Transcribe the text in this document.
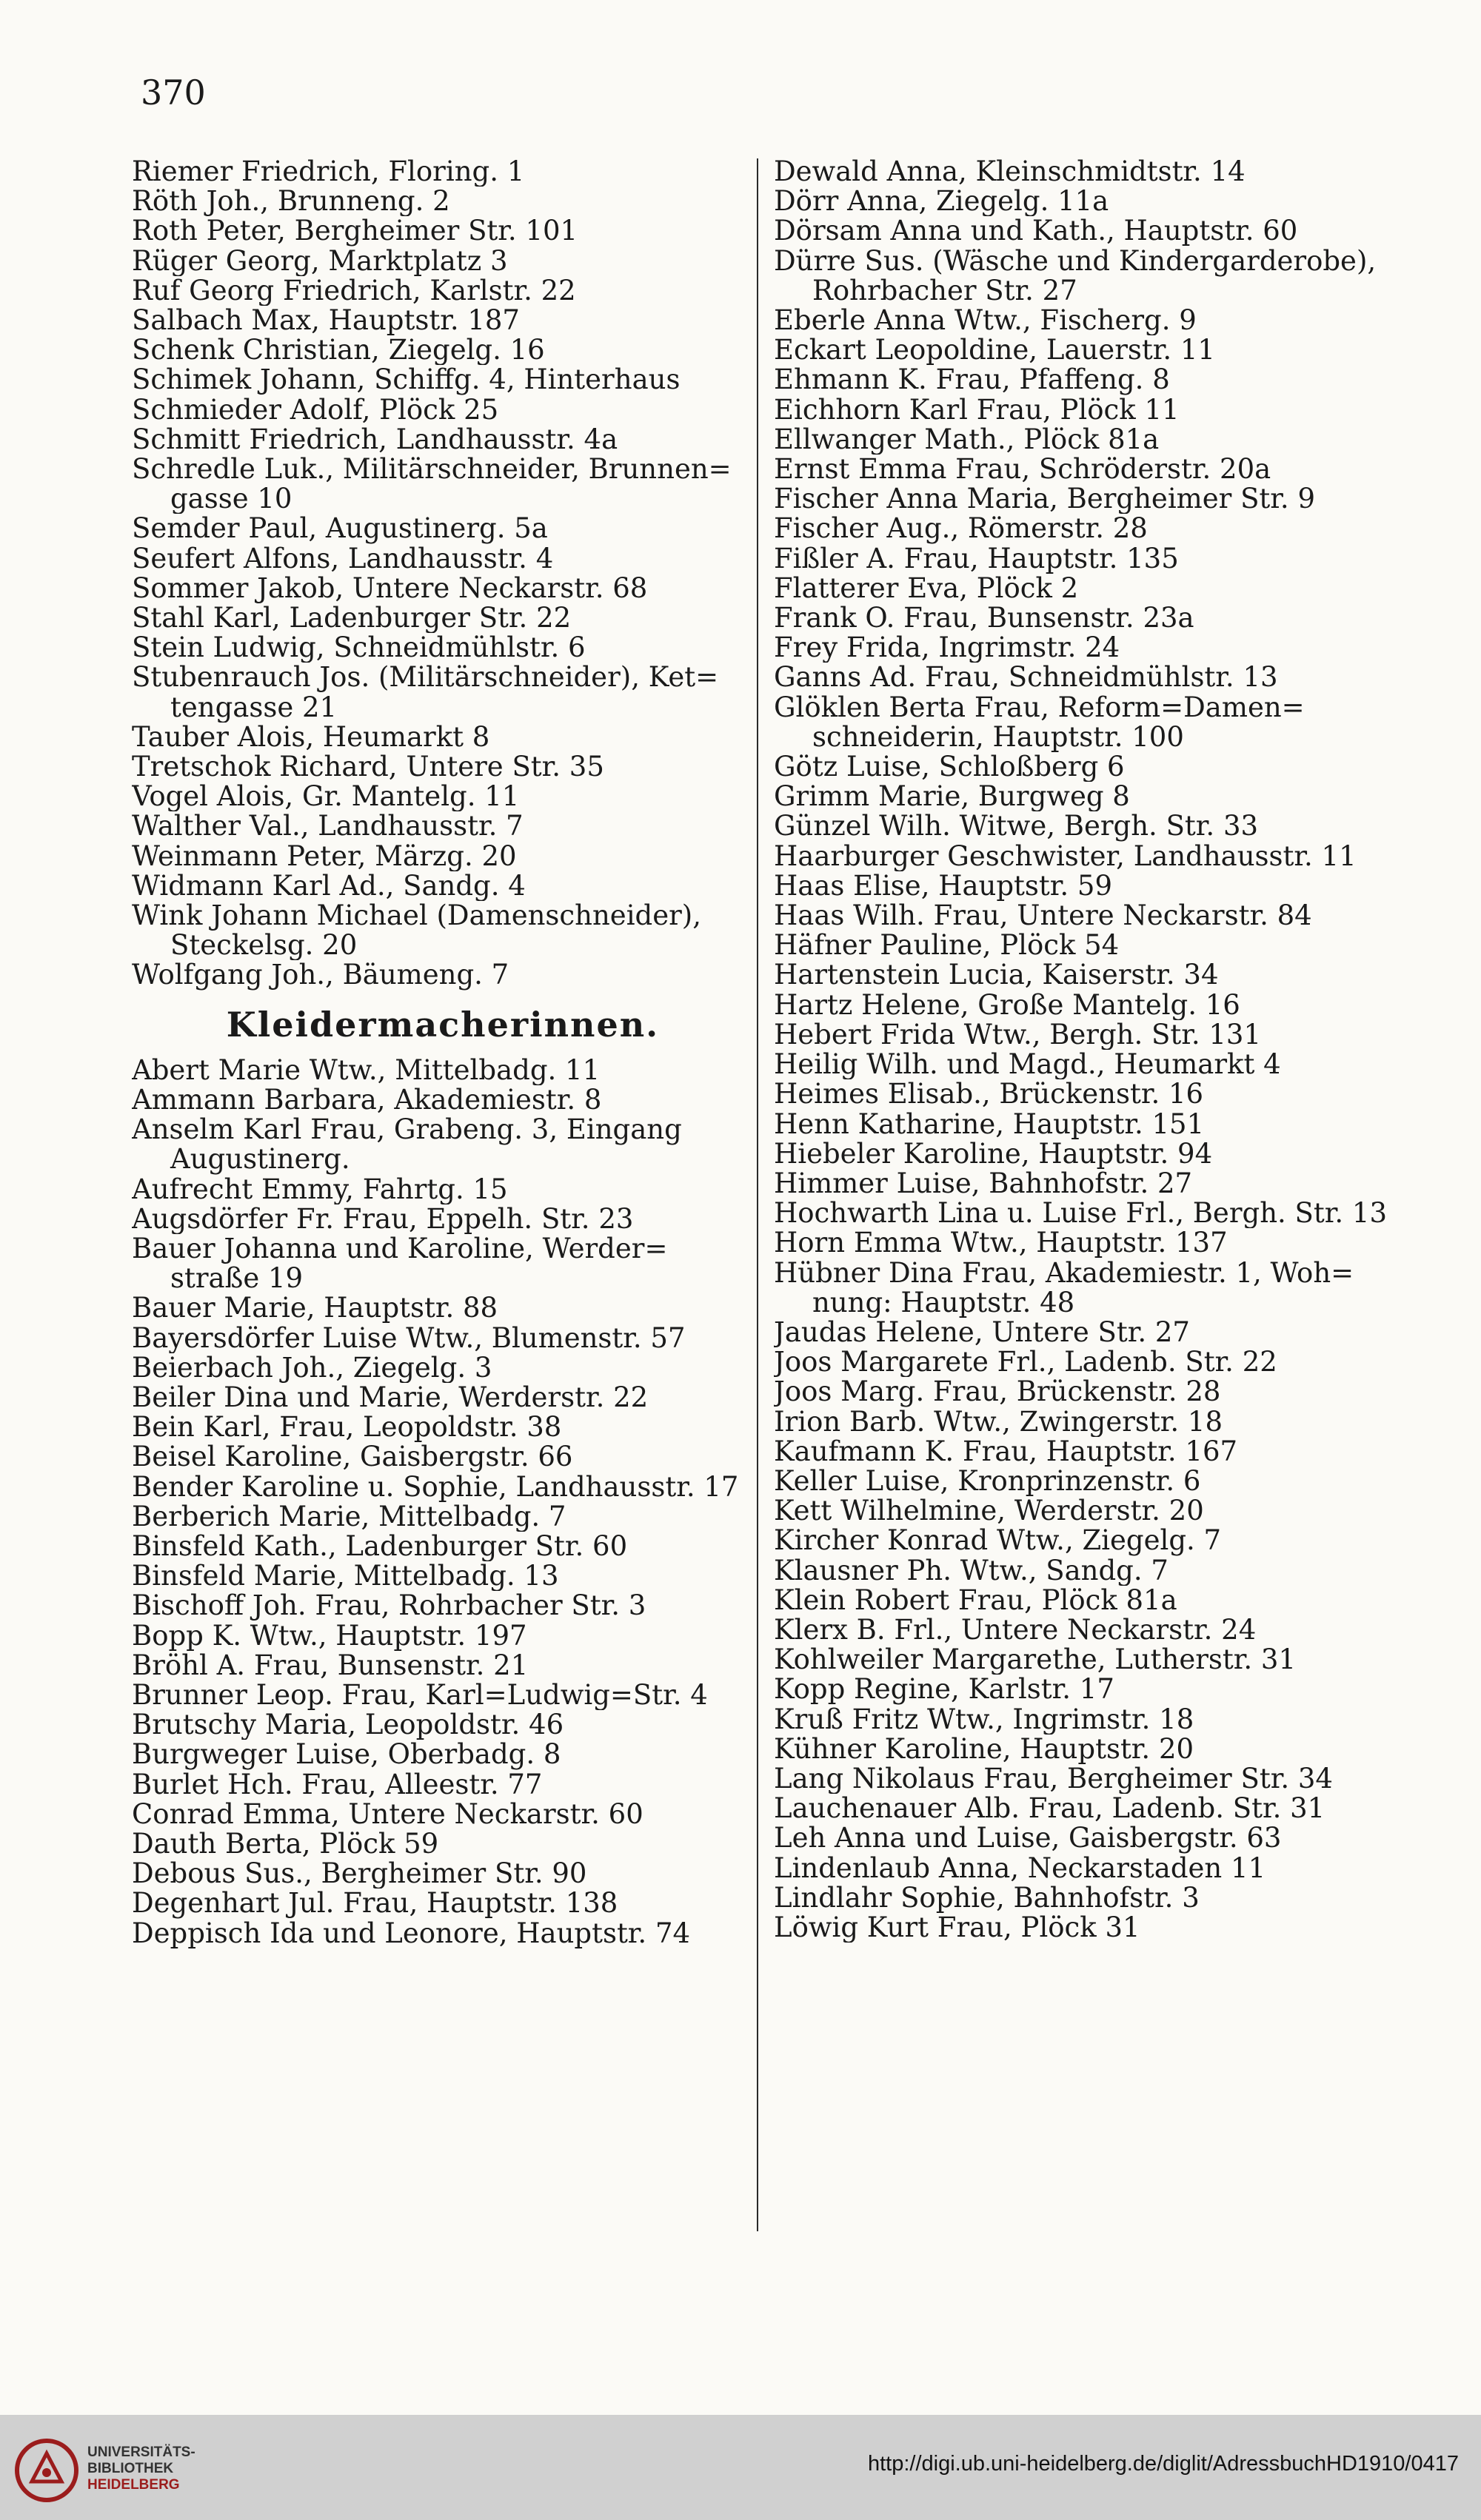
370
Riemer Friedrich, Floring. 1
Röth Joh., Brunneng. 2
Roth Peter, Bergheimer Str. 101
Rüger Georg, Marktplatz 3
Ruf Georg Friedrich, Karlstr. 22
Salbach Max, Hauptstr. 187
Schenk Christian, Ziegelg. 16
Schimek Johann, Schiffg. 4, Hinterhaus
Schmieder Adolf, Plöck 25
Schmitt Friedrich, Landhausstr. 4a
Schredle Luk., Militärschneider, Brunnen=
gasse 10
Semder Paul, Augustinerg. 5a
Seufert Alfons, Landhausstr. 4
Sommer Jakob, Untere Neckarstr. 68
Stahl Karl, Ladenburger Str. 22
Stein Ludwig, Schneidmühlstr. 6
Stubenrauch Jos. (Militärschneider), Ket=
tengasse 21
Tauber Alois, Heumarkt 8
Tretschok Richard, Untere Str. 35
Vogel Alois, Gr. Mantelg. 11
Walther Val., Landhausstr. 7
Weinmann Peter, Märzg. 20
Widmann Karl Ad., Sandg. 4
Wink Johann Michael (Damenschneider),
Steckelsg. 20
Wolfgang Joh., Bäumeng. 7
Kleidermacherinnen.
Abert Marie Wtw., Mittelbadg. 11
Ammann Barbara, Akademiestr. 8
Anselm Karl Frau, Grabeng. 3, Eingang
Augustinerg.
Aufrecht Emmy, Fahrtg. 15
Augsdörfer Fr. Frau, Eppelh. Str. 23
Bauer Johanna und Karoline, Werder=
straße 19
Bauer Marie, Hauptstr. 88
Bayersdörfer Luise Wtw., Blumenstr. 57
Beierbach Joh., Ziegelg. 3
Beiler Dina und Marie, Werderstr. 22
Bein Karl, Frau, Leopoldstr. 38
Beisel Karoline, Gaisbergstr. 66
Bender Karoline u. Sophie, Landhausstr. 17
Berberich Marie, Mittelbadg. 7
Binsfeld Kath., Ladenburger Str. 60
Binsfeld Marie, Mittelbadg. 13
Bischoff Joh. Frau, Rohrbacher Str. 3
Bopp K. Wtw., Hauptstr. 197
Bröhl A. Frau, Bunsenstr. 21
Brunner Leop. Frau, Karl=Ludwig=Str. 4
Brutschy Maria, Leopoldstr. 46
Burgweger Luise, Oberbadg. 8
Burlet Hch. Frau, Alleestr. 77
Conrad Emma, Untere Neckarstr. 60
Dauth Berta, Plöck 59
Debous Sus., Bergheimer Str. 90
Degenhart Jul. Frau, Hauptstr. 138
Deppisch Ida und Leonore, Hauptstr. 74
Dewald Anna, Kleinschmidtstr. 14
Dörr Anna, Ziegelg. 11a
Dörsam Anna und Kath., Hauptstr. 60
Dürre Sus. (Wäsche und Kindergarderobe),
Rohrbacher Str. 27
Eberle Anna Wtw., Fischerg. 9
Eckart Leopoldine, Lauerstr. 11
Ehmann K. Frau, Pfaffeng. 8
Eichhorn Karl Frau, Plöck 11
Ellwanger Math., Plöck 81a
Ernst Emma Frau, Schröderstr. 20a
Fischer Anna Maria, Bergheimer Str. 9
Fischer Aug., Römerstr. 28
Fißler A. Frau, Hauptstr. 135
Flatterer Eva, Plöck 2
Frank O. Frau, Bunsenstr. 23a
Frey Frida, Ingrimstr. 24
Ganns Ad. Frau, Schneidmühlstr. 13
Glöklen Berta Frau, Reform=Damen=
schneiderin, Hauptstr. 100
Götz Luise, Schloßberg 6
Grimm Marie, Burgweg 8
Günzel Wilh. Witwe, Bergh. Str. 33
Haarburger Geschwister, Landhausstr. 11
Haas Elise, Hauptstr. 59
Haas Wilh. Frau, Untere Neckarstr. 84
Häfner Pauline, Plöck 54
Hartenstein Lucia, Kaiserstr. 34
Hartz Helene, Große Mantelg. 16
Hebert Frida Wtw., Bergh. Str. 131
Heilig Wilh. und Magd., Heumarkt 4
Heimes Elisab., Brückenstr. 16
Henn Katharine, Hauptstr. 151
Hiebeler Karoline, Hauptstr. 94
Himmer Luise, Bahnhofstr. 27
Hochwarth Lina u. Luise Frl., Bergh. Str. 13
Horn Emma Wtw., Hauptstr. 137
Hübner Dina Frau, Akademiestr. 1, Woh=
nung: Hauptstr. 48
Jaudas Helene, Untere Str. 27
Joos Margarete Frl., Ladenb. Str. 22
Joos Marg. Frau, Brückenstr. 28
Irion Barb. Wtw., Zwingerstr. 18
Kaufmann K. Frau, Hauptstr. 167
Keller Luise, Kronprinzenstr. 6
Kett Wilhelmine, Werderstr. 20
Kircher Konrad Wtw., Ziegelg. 7
Klausner Ph. Wtw., Sandg. 7
Klein Robert Frau, Plöck 81a
Klerx B. Frl., Untere Neckarstr. 24
Kohlweiler Margarethe, Lutherstr. 31
Kopp Regine, Karlstr. 17
Kruß Fritz Wtw., Ingrimstr. 18
Kühner Karoline, Hauptstr. 20
Lang Nikolaus Frau, Bergheimer Str. 34
Lauchenauer Alb. Frau, Ladenb. Str. 31
Leh Anna und Luise, Gaisbergstr. 63
Lindenlaub Anna, Neckarstaden 11
Lindlahr Sophie, Bahnhofstr. 3
Löwig Kurt Frau, Plöck 31
UNIVERSITÄTS-
BIBLIOTHEK
HEIDELBERG
http://digi.ub.uni-heidelberg.de/diglit/AdressbuchHD1910/0417
